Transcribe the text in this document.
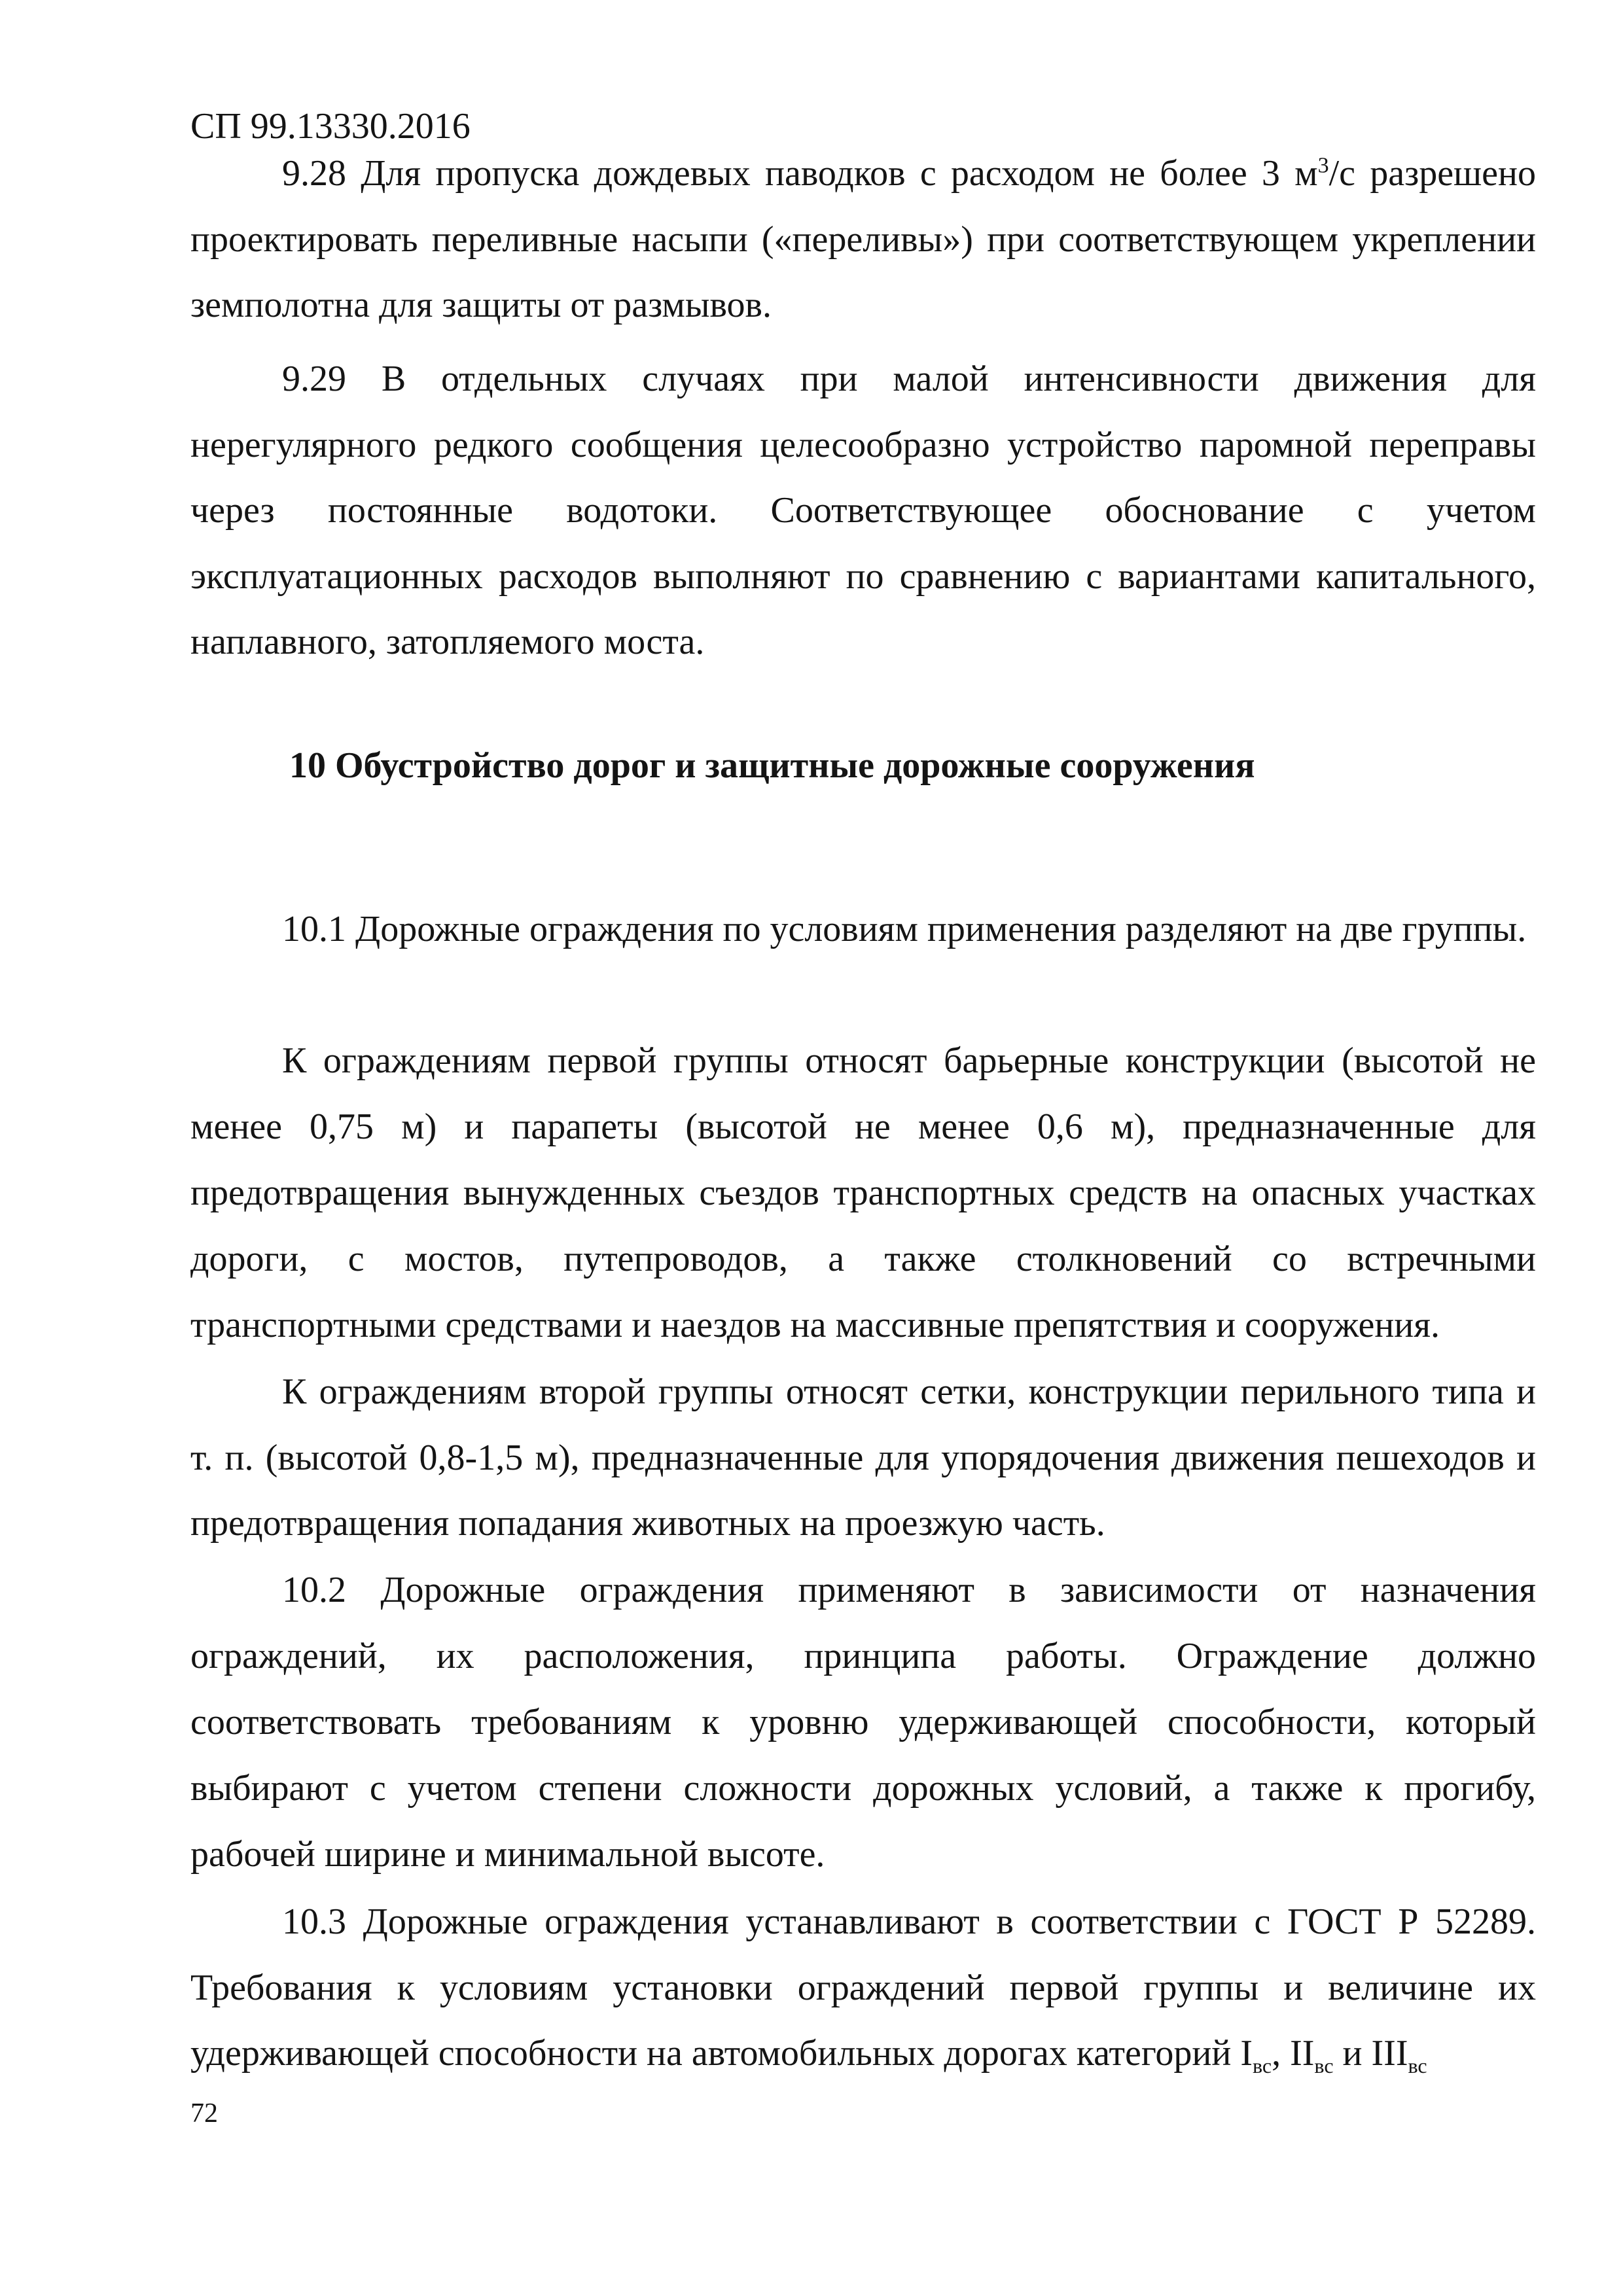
СП 99.13330.2016

9.28 Для пропуска дождевых паводков с расходом не более 3 $м^3/с$ разрешено проектировать переливные насыпи («переливы») при соответствующем укреплении земполотна для защиты от размывов.

9.29 В отдельных случаях при малой интенсивности движения для нерегулярного редкого сообщения целесообразно устройство паромной переправы через постоянные водотоки. Соответствующее обоснование с учетом эксплуатационных расходов выполняют по сравнению с вариантами капитального, наплавного, затопляемого моста.

10 Обустройство дорог и защитные дорожные сооружения

10.1 Дорожные ограждения по условиям применения разделяют на две группы.

К ограждениям первой группы относят барьерные конструкции (высотой не менее 0,75 м) и парапеты (высотой не менее 0,6 м), предназначенные для предотвращения вынужденных съездов транспортных средств на опасных участках дороги, с мостов, путепроводов, а также столкновений со встречными транспортными средствами и наездов на массивные препятствия и сооружения.

К ограждениям второй группы относят сетки, конструкции перильного типа и т. п. (высотой 0,8-1,5 м), предназначенные для упорядочения движения пешеходов и предотвращения попадания животных на проезжую часть.

10.2 Дорожные ограждения применяют в зависимости от назначения ограждений, их расположения, принципа работы. Ограждение должно соответствовать требованиям к уровню удерживающей способности, который выбирают с учетом степени сложности дорожных условий, а также к прогибу, рабочей ширине и минимальной высоте.

10.3 Дорожные ограждения устанавливают в соответствии с ГОСТ Р 52289. Требования к условиям установки ограждений первой группы и величине их удерживающей способности на автомобильных дорогах категорий $I_{вс}$, $II_{вс}$ и $III_{вс}$

72
